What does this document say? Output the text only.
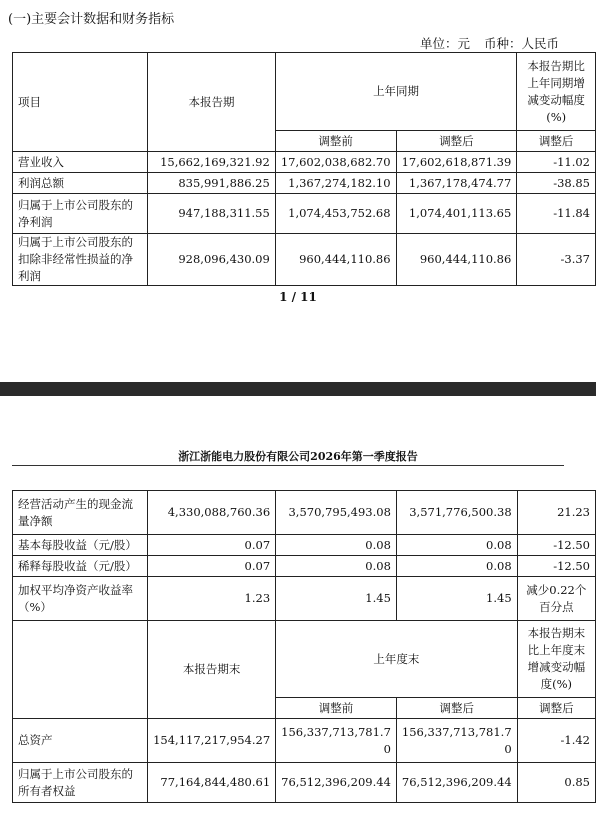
(一)主要会计数据和财务指标
单位：元 币种：人民币
项目	本报告期	上年同期		本报告期比上年同期增减变动幅度(%)
		调整前	调整后	调整后
营业收入	15,662,169,321.92	17,602,038,682.70	17,602,618,871.39	-11.02
利润总额	835,991,886.25	1,367,274,182.10	1,367,178,474.77	-38.85
归属于上市公司股东的净利润	947,188,311.55	1,074,453,752.68	1,074,401,113.65	-11.84
归属于上市公司股东的扣除非经常性损益的净利润	928,096,430.09	960,444,110.86	960,444,110.86	-3.37
1 / 11
浙江浙能电力股份有限公司2026年第一季度报告
经营活动产生的现金流量净额	4,330,088,760.36	3,570,795,493.08	3,571,776,500.38	21.23
基本每股收益（元/股）	0.07	0.08	0.08	-12.50
稀释每股收益（元/股）	0.07	0.08	0.08	-12.50
加权平均净资产收益率（%）	1.23	1.45	1.45	减少0.22个百分点
	本报告期末	上年度末		本报告期末比上年度末增减变动幅度(%)
		调整前	调整后	调整后
总资产	154,117,217,954.27	156,337,713,781.70	156,337,713,781.70	-1.42
归属于上市公司股东的所有者权益	77,164,844,480.61	76,512,396,209.44	76,512,396,209.44	0.85
